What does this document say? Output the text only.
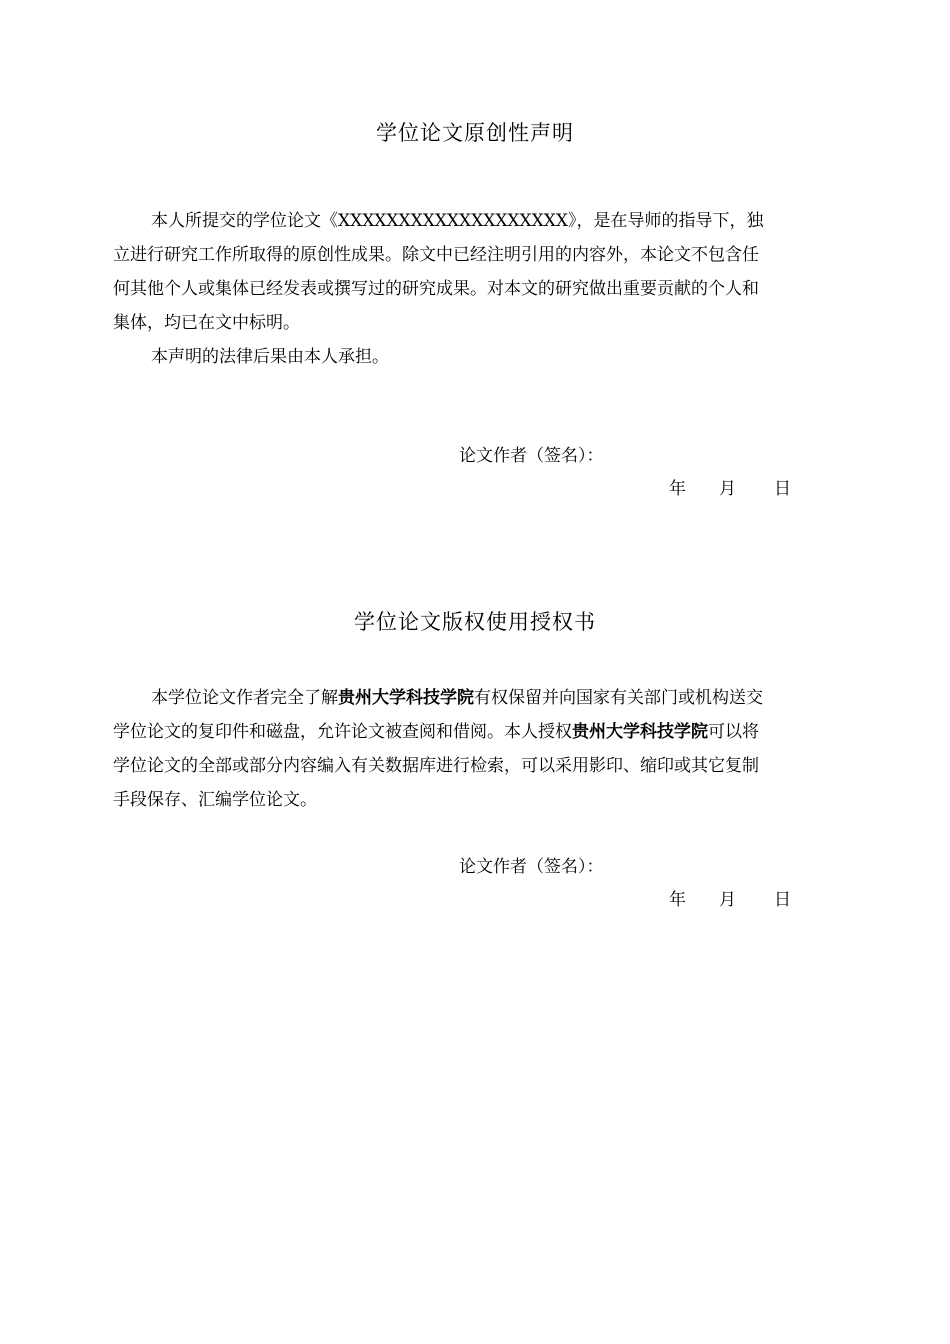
学位论文原创性声明
本人所提交的学位论文《XXXXXXXXXXXXXXXXXXX》，是在导师的指导下，独
立进行研究工作所取得的原创性成果。除文中已经注明引用的内容外，本论文不包含任
何其他个人或集体已经发表或撰写过的研究成果。对本文的研究做出重要贡献的个人和
集体，均已在文中标明。
本声明的法律后果由本人承担。

论文作者（签名）：

年	月	日
学位论文版权使用授权书
本学位论文作者完全了解贵州大学科技学院有权保留并向国家有关部门或机构送交
学位论文的复印件和磁盘，允许论文被查阅和借阅。本人授权贵州大学科技学院可以将
学位论文的全部或部分内容编入有关数据库进行检索，可以采用影印、缩印或其它复制
手段保存、汇编学位论文。

论文作者（签名）：

年	月	日
